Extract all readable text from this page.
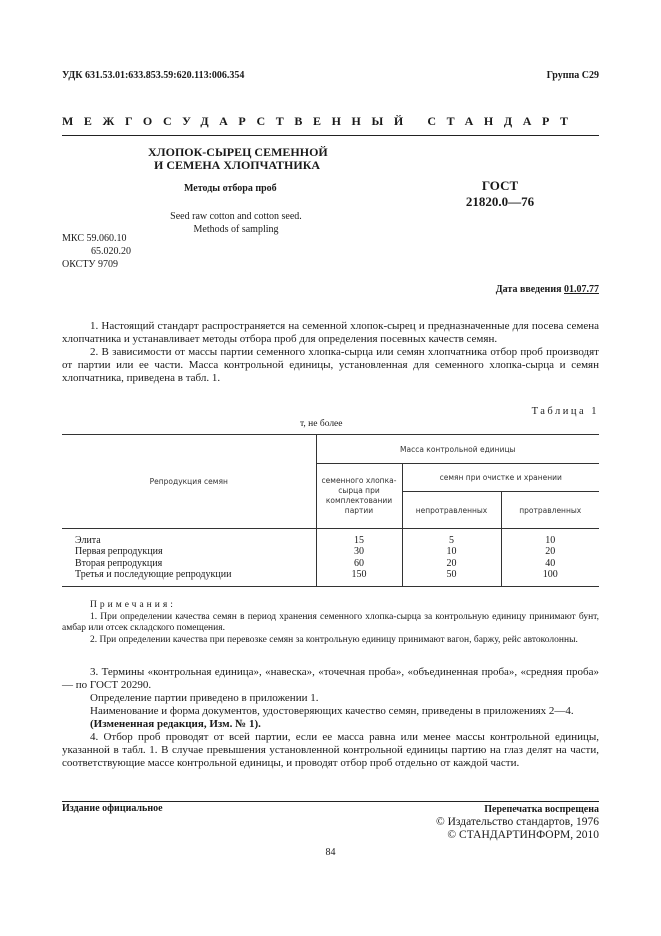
УДК 631.53.01:633.853.59:620.113:006.354	Группа С29
МЕЖГОСУДАРСТВЕННЫЙ СТАНДАРТ
ХЛОПОК-СЫРЕЦ СЕМЕННОЙ
И СЕМЕНА ХЛОПЧАТНИКА
Методы отбора проб	ГОСТ
21820.0—76
Seed raw cotton and cotton seed.
Methods of sampling
МКС 59.060.10
65.020.20
ОКСТУ 9709
Дата введения 01.07.77

1. Настоящий стандарт распространяется на семенной хлопок-сырец и предназначенные для посева семена хлопчатника и устанавливает методы отбора проб для определения посевных качеств семян.

2. В зависимости от массы партии семенного хлопка-сырца или семян хлопчатника отбор проб производят от партии или ее части. Масса контрольной единицы, установленная для семенного хлопка-сырца и семян хлопчатника, приведена в табл. 1.

Таблица 1
т, не более
Репродукция семян	Масса контрольной единицы		
	семенного хлопка-сырца при комплектовании партии	семян при очистке и хранении	
		непротравленных	протравленных

Элита	15	5	10
Первая репродукция	30	10	20
Вторая репродукция	60	20	40
Третья и последующие репродукции	150	50	100

Примечания:

1. При определении качества семян в период хранения семенного хлопка-сырца за контрольную единицу принимают бунт, амбар или отсек складского помещения.

2. При определении качества при перевозке семян за контрольную единицу принимают вагон, баржу, рейс автоколонны.

3. Термины «контрольная единица», «навеска», «точечная проба», «объединенная проба», «средняя проба» — по ГОСТ 20290.

Определение партии приведено в приложении 1.

Наименование и форма документов, удостоверяющих качество семян, приведены в приложениях 2—4.

(Измененная редакция, Изм. № 1).

4. Отбор проб проводят от всей партии, если ее масса равна или менее массы контрольной единицы, указанной в табл. 1. В случае превышения установленной контрольной единицы партию на глаз делят на части, соответствующие массе контрольной единицы, и проводят отбор проб отдельно от каждой части.

Издание официальное	Перепечатка воспрещена
© Издательство стандартов, 1976
© СТАНДАРТИНФОРМ, 2010
84
